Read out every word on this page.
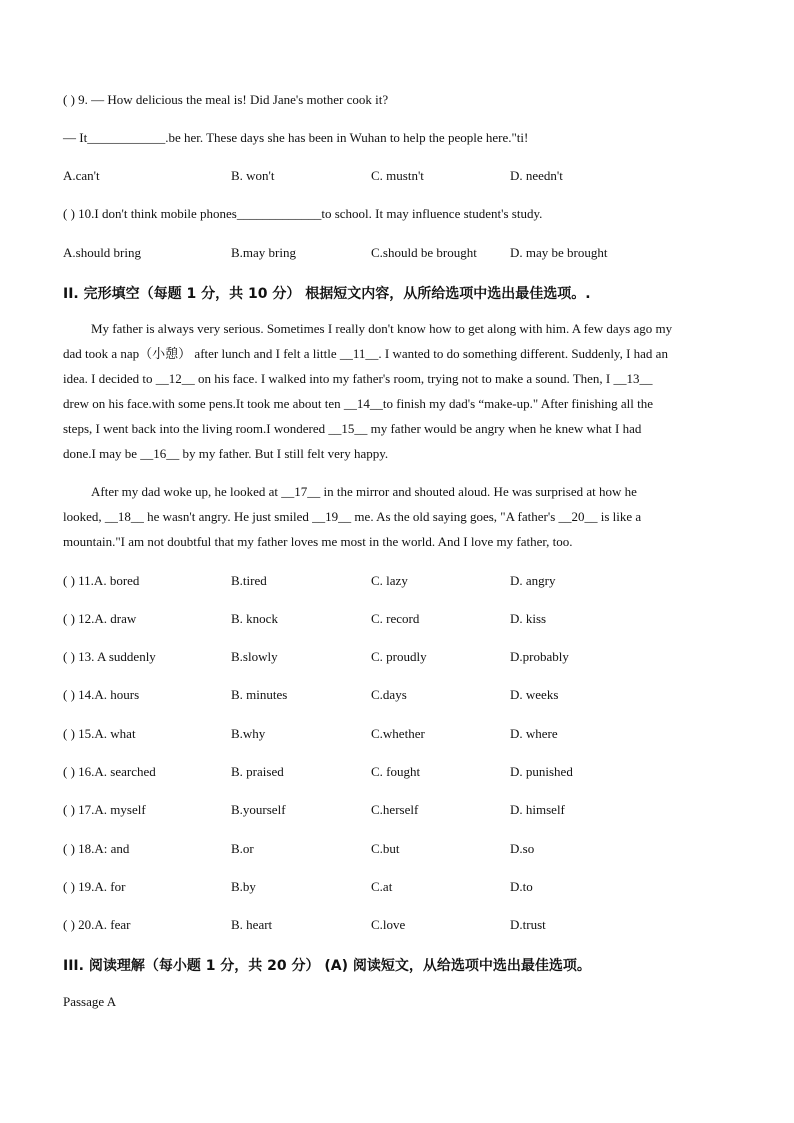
( ) 9. — How delicious the meal is! Did Jane's mother cook it?
— It____________.be her. These days she has been in Wuhan to help the people here."ti!
A.can't	B. won't	C. mustn't	D. needn't
( ) 10.I don't think mobile phones_____________to school. It may influence student's study.
A.should bring	B.may bring	C.should be brought	D. may be brought
II. 完形填空（每题 1 分，共 10 分） 根据短文内容，从所给选项中选出最佳选项。.
My father is always very serious. Sometimes I really don't know how to get along with him. A few days ago my
dad took a nap（小憩） after lunch and I felt a little __11__. I wanted to do something different. Suddenly, I had an
idea. I decided to __12__ on his face. I walked into my father's room, trying not to make a sound. Then, I __13__
drew on his face.with some pens.It took me about ten __14__to finish my dad's “make-up." After finishing all the
steps, I went back into the living room.I wondered __15__ my father would be angry when he knew what I had
done.I may be __16__ by my father. But I still felt very happy.
After my dad woke up, he looked at __17__ in the mirror and shouted aloud. He was surprised at how he
looked, __18__ he wasn't angry. He just smiled __19__ me. As the old saying goes, "A father's __20__ is like a
mountain."I am not doubtful that my father loves me most in the world. And I love my father, too.
( ) 11.A. bored	B.tired	C. lazy	D. angry
( ) 12.A. draw	B. knock	C. record	D. kiss
( ) 13. A suddenly	B.slowly	C. proudly	D.probably
( ) 14.A. hours	B. minutes	C.days	D. weeks
( ) 15.A. what	B.why	C.whether	D. where
( ) 16.A. searched	B. praised	C. fought	D. punished
( ) 17.A. myself	B.yourself	C.herself	D. himself
( ) 18.A: and	B.or	C.but	D.so
( ) 19.A. for	B.by	C.at	D.to
( ) 20.A. fear	B. heart	C.love	D.trust
III. 阅读理解（每小题 1 分，共 20 分） (A) 阅读短文，从给选项中选出最佳选项。
Passage A
